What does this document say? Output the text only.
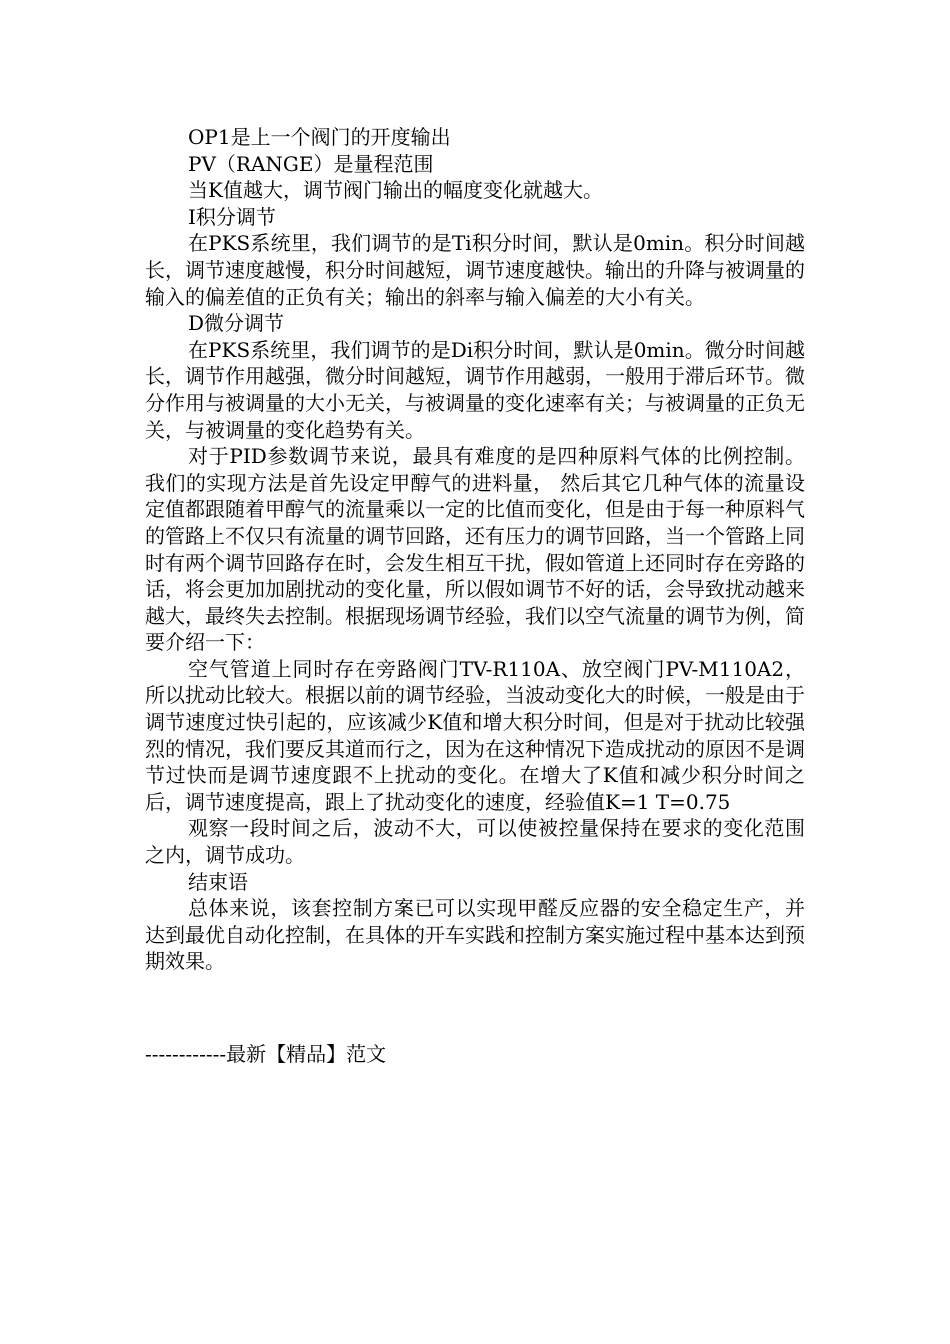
OP1是上一个阀门的开度输出

PV（RANGE）是量程范围

当K值越大，调节阀门输出的幅度变化就越大。

I积分调节

在PKS系统里，我们调节的是Ti积分时间，默认是0min。积分时间越长，调节速度越慢，积分时间越短，调节速度越快。输出的升降与被调量的输入的偏差值的正负有关；输出的斜率与输入偏差的大小有关。

D微分调节

在PKS系统里，我们调节的是Di积分时间，默认是0min。微分时间越长，调节作用越强，微分时间越短，调节作用越弱，一般用于滞后环节。微分作用与被调量的大小无关，与被调量的变化速率有关；与被调量的正负无关，与被调量的变化趋势有关。

对于PID参数调节来说，最具有难度的是四种原料气体的比例控制。我们的实现方法是首先设定甲醇气的进料量， 然后其它几种气体的流量设定值都跟随着甲醇气的流量乘以一定的比值而变化，但是由于每一种原料气的管路上不仅只有流量的调节回路，还有压力的调节回路，当一个管路上同时有两个调节回路存在时，会发生相互干扰，假如管道上还同时存在旁路的话，将会更加加剧扰动的变化量，所以假如调节不好的话，会导致扰动越来越大，最终失去控制。根据现场调节经验，我们以空气流量的调节为例，简要介绍一下：

空气管道上同时存在旁路阀门TV-R110A、放空阀门PV-M110A2，所以扰动比较大。根据以前的调节经验，当波动变化大的时候，一般是由于调节速度过快引起的，应该减少K值和增大积分时间，但是对于扰动比较强烈的情况，我们要反其道而行之，因为在这种情况下造成扰动的原因不是调节过快而是调节速度跟不上扰动的变化。在增大了K值和减少积分时间之后，调节速度提高，跟上了扰动变化的速度，经验值K=1 T=0.75

观察一段时间之后，波动不大，可以使被控量保持在要求的变化范围之内，调节成功。

结束语

总体来说，该套控制方案已可以实现甲醛反应器的安全稳定生产，并达到最优自动化控制，在具体的开车实践和控制方案实施过程中基本达到预期效果。

------------最新【精品】范文
